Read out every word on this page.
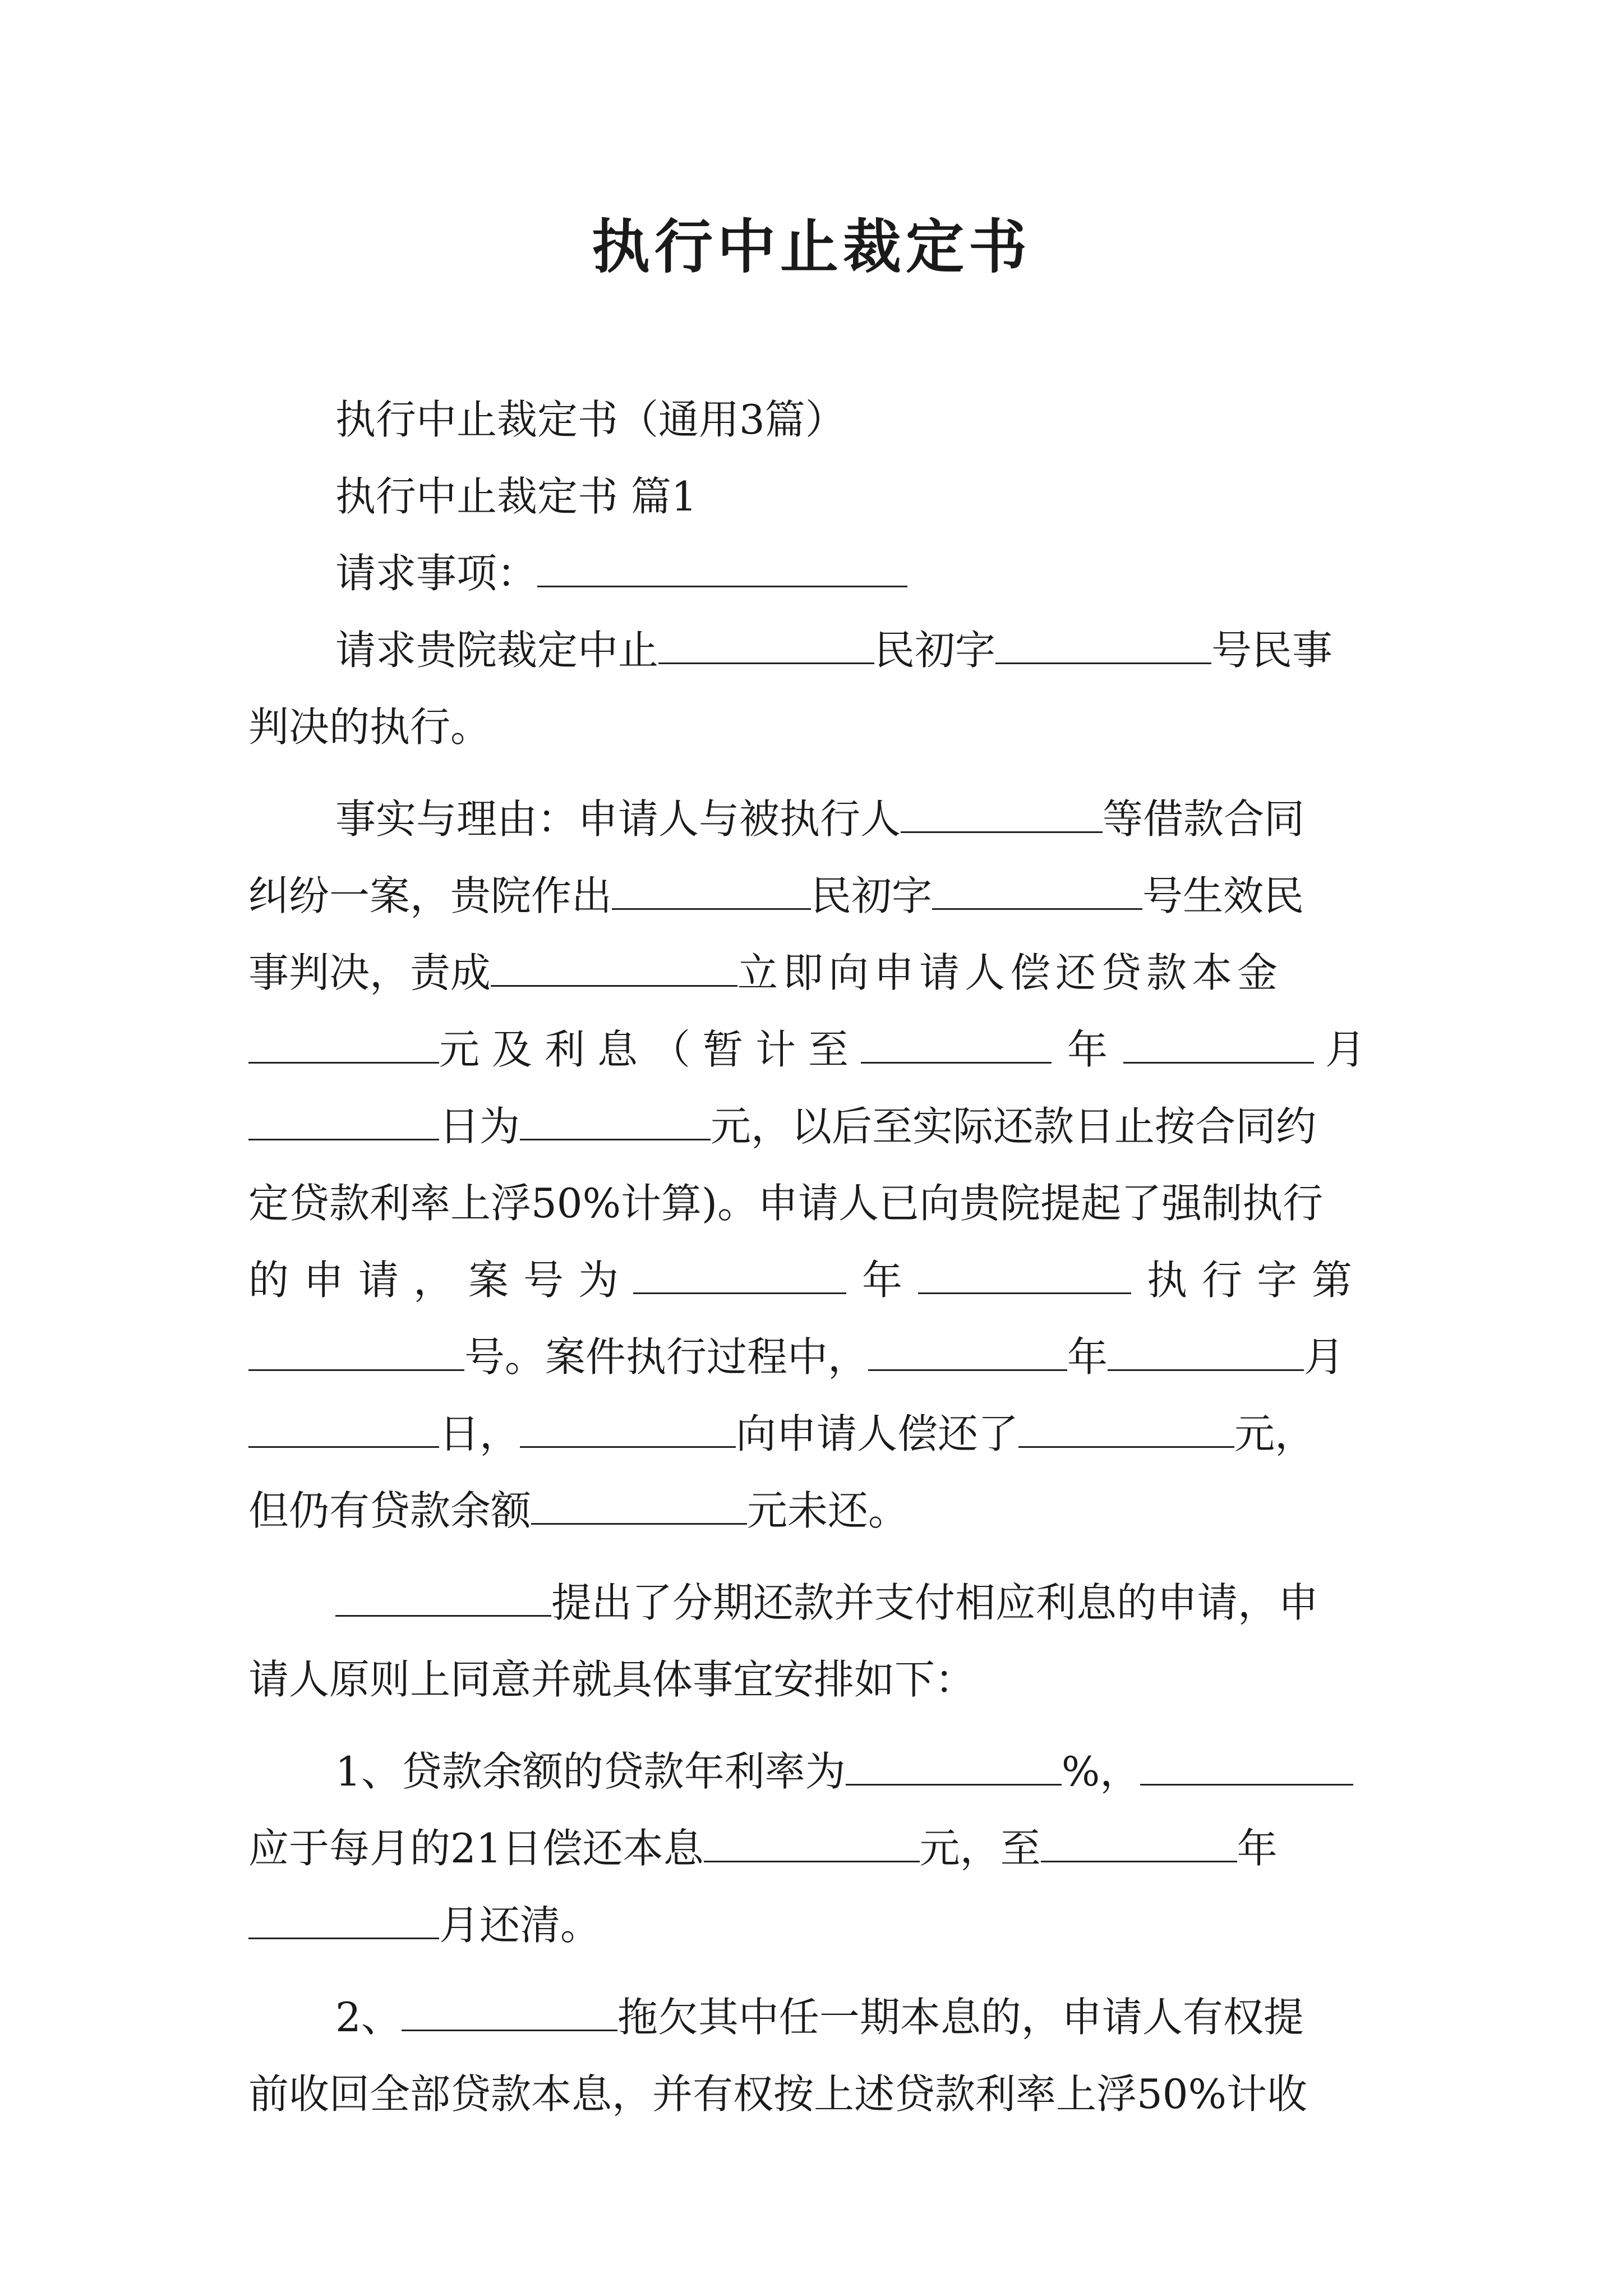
执行中止裁定书
执行中止裁定书（通用3篇）
执行中止裁定书 篇1
请求事项：
请求贵院裁定中止	民初字	号民事
判决的执行。
事实与理由：申请人与被执行人	等借款合同
纠纷一案，贵院作出	民初字	号生效民
事判决，责成	立即向申请人偿还贷款本金
元及利息（暂计至	年	月
日为	元，以后至实际还款日止按合同约
定贷款利率上浮50%计算)。申请人已向贵院提起了强制执行
的申请，案号为	年	执行字第
号。案件执行过程中，	年	月
日，	向申请人偿还了	元，
但仍有贷款余额	元未还。
提出了分期还款并支付相应利息的申请，申
请人原则上同意并就具体事宜安排如下：
1、贷款余额的贷款年利率为	%，
应于每月的21日偿还本息	元，至	年
月还清。
2、	拖欠其中任一期本息的，申请人有权提
前收回全部贷款本息，并有权按上述贷款利率上浮50%计收
